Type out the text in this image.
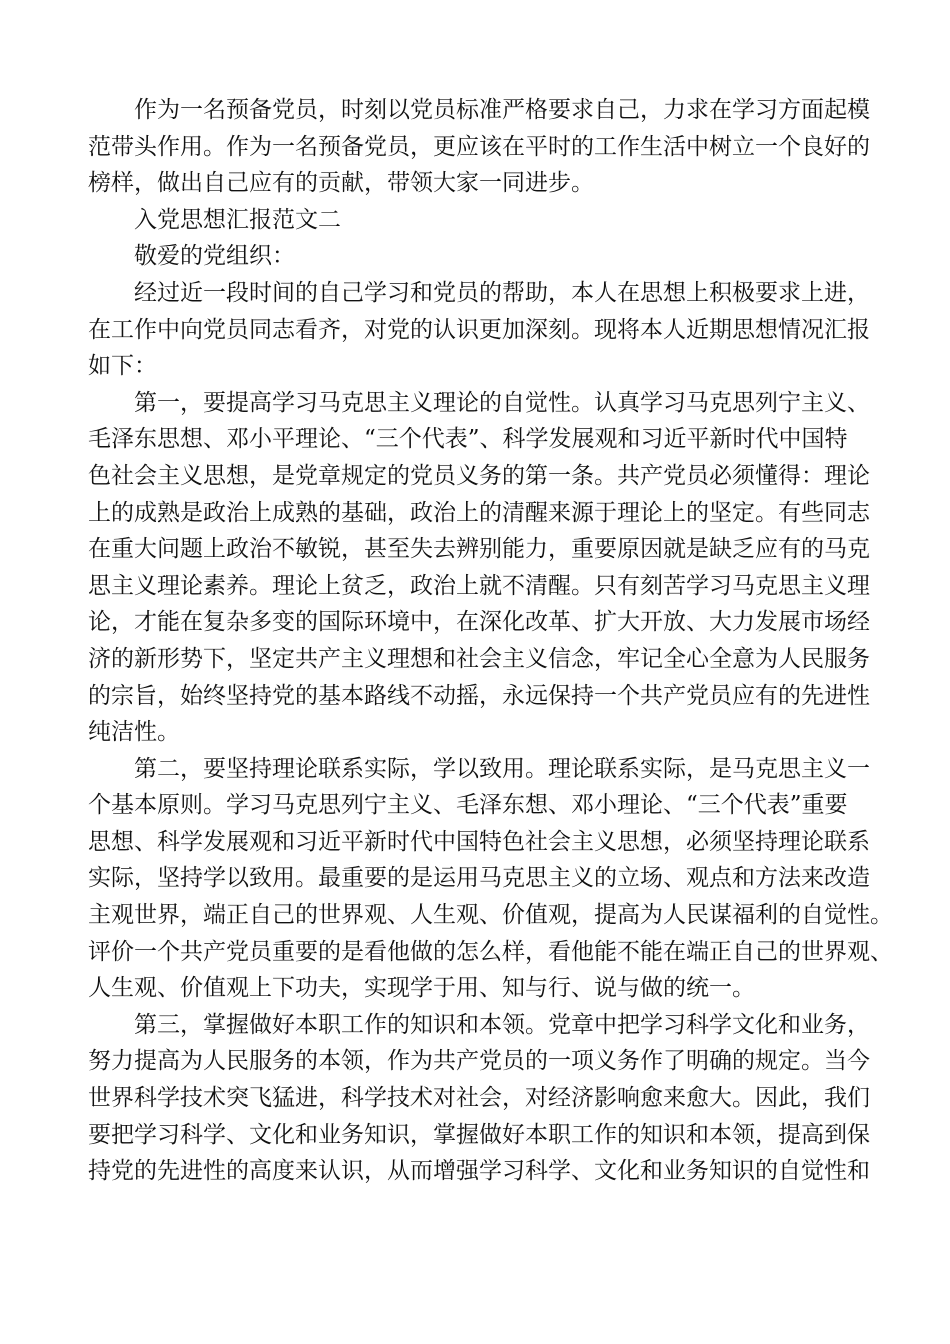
作为一名预备党员，时刻以党员标准严格要求自己，力求在学习方面起模
范带头作用。作为一名预备党员，更应该在平时的工作生活中树立一个良好的
榜样，做出自己应有的贡献，带领大家一同进步。
入党思想汇报范文二
敬爱的党组织：
经过近一段时间的自己学习和党员的帮助，本人在思想上积极要求上进，
在工作中向党员同志看齐，对党的认识更加深刻。现将本人近期思想情况汇报
如下：
第一，要提高学习马克思主义理论的自觉性。认真学习马克思列宁主义、
毛泽东思想、邓小平理论、“三个代表”、科学发展观和习近平新时代中国特
色社会主义思想，是党章规定的党员义务的第一条。共产党员必须懂得：理论
上的成熟是政治上成熟的基础，政治上的清醒来源于理论上的坚定。有些同志
在重大问题上政治不敏锐，甚至失去辨别能力，重要原因就是缺乏应有的马克
思主义理论素养。理论上贫乏，政治上就不清醒。只有刻苦学习马克思主义理
论，才能在复杂多变的国际环境中，在深化改革、扩大开放、大力发展市场经
济的新形势下，坚定共产主义理想和社会主义信念，牢记全心全意为人民服务
的宗旨，始终坚持党的基本路线不动摇，永远保持一个共产党员应有的先进性
纯洁性。
第二，要坚持理论联系实际，学以致用。理论联系实际，是马克思主义一
个基本原则。学习马克思列宁主义、毛泽东想、邓小理论、“三个代表”重要
思想、科学发展观和习近平新时代中国特色社会主义思想，必须坚持理论联系
实际，坚持学以致用。最重要的是运用马克思主义的立场、观点和方法来改造
主观世界，端正自己的世界观、人生观、价值观，提高为人民谋福利的自觉性。
评价一个共产党员重要的是看他做的怎么样，看他能不能在端正自己的世界观、
人生观、价值观上下功夫，实现学于用、知与行、说与做的统一。
第三，掌握做好本职工作的知识和本领。党章中把学习科学文化和业务，
努力提高为人民服务的本领，作为共产党员的一项义务作了明确的规定。当今
世界科学技术突飞猛进，科学技术对社会，对经济影响愈来愈大。因此，我们
要把学习科学、文化和业务知识，掌握做好本职工作的知识和本领，提高到保
持党的先进性的高度来认识，从而增强学习科学、文化和业务知识的自觉性和
